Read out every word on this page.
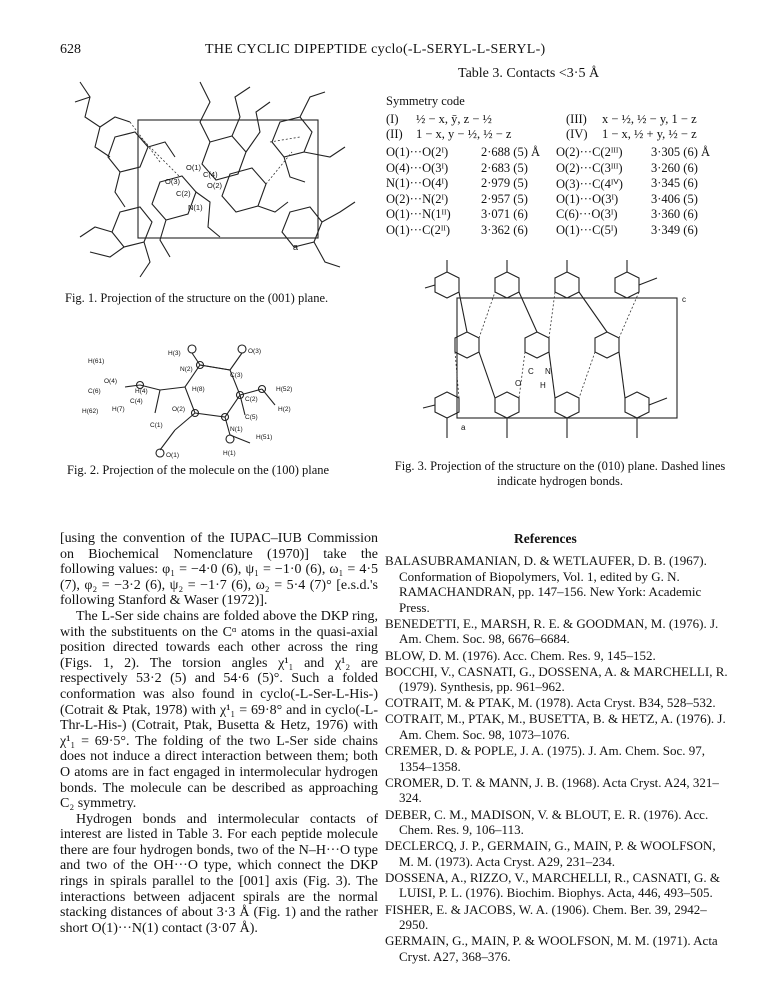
628	THE CYCLIC DIPEPTIDE cyclo(-L-SERYL-L-SERYL-)
O(1)
O(3)
C(2)
N(1)
C(4)
O(2)
a
Fig. 1. Projection of the structure on the (001) plane.
H(3)	O(3)
H(61)
N(2)
C(3)
O(4)
C(6)	H(4)	H(8)	H(52)
C(4)	C(2)
H(62) H(7)	O(2)	H(2)
C(5)
C(1)
N(1)
H(51)
O(1)	H(1)
Fig. 2. Projection of the molecule on the (100) plane
Table 3. Contacts <3·5 Å
Symmetry code
(I)	½ − x, ȳ, z − ½	(III)	x − ½, ½ − y, 1 − z
(II)	1 − x, y − ½, ½ − z	(IV)	1 − x, ½ + y, ½ − z
O(1)···O(2ᴵ)	2·688 (5) Å	O(2)···C(2ᴵᴵᴵ)	3·305 (6) Å
O(4)···O(3ᴵ)	2·683 (5)	O(2)···C(3ᴵᴵᴵ)	3·260 (6)
N(1)···O(4ᴵ)	2·979 (5)	O(3)···C(4ᴵⱽ)	3·345 (6)
O(2)···N(2ᴵ)	2·957 (5)	O(1)···O(3ᴵ)	3·406 (5)
O(1)···N(1ᴵᴵ)	3·071 (6)	C(6)···O(3ᴵ)	3·360 (6)
O(1)···C(2ᴵᴵ)	3·362 (6)	O(1)···C(5ᴵ)	3·349 (6)
c
a
C N
O H
Fig. 3. Projection of the structure on the (010) plane. Dashed lines
indicate hydrogen bonds.

[using the convention of the IUPAC–IUB Commission on Biochemical Nomenclature (1970)] take the following values: φ₁ = −4·0 (6), ψ₁ = −1·0 (6), ω₁ = 4·5 (7), φ₂ = −3·2 (6), ψ₂ = −1·7 (6), ω₂ = 5·4 (7)° [e.s.d.'s following Stanford & Waser (1972)].

The L-Ser side chains are folded above the DKP ring, with the substituents on the Cᵅ atoms in the quasi-axial position directed towards each other across the ring (Figs. 1, 2). The torsion angles χ¹₁ and χ¹₂ are respectively 53·2 (5) and 54·6 (5)°. Such a folded conformation was also found in cyclo(-L-Ser-L-His-) (Cotrait & Ptak, 1978) with χ¹₁ = 69·8° and in cyclo(-L-Thr-L-His-) (Cotrait, Ptak, Busetta & Hetz, 1976) with χ¹₁ = 69·5°. The folding of the two L-Ser side chains does not induce a direct interaction between them; both O atoms are in fact engaged in intermolecular hydrogen bonds. The molecule can be described as approaching C₂ symmetry.

Hydrogen bonds and intermolecular contacts of interest are listed in Table 3. For each peptide molecule there are four hydrogen bonds, two of the N–H···O type and two of the OH···O type, which connect the DKP rings in spirals parallel to the [001] axis (Fig. 3). The interactions between adjacent spirals are the normal stacking distances of about 3·3 Å (Fig. 1) and the rather short O(1)···N(1) contact (3·07 Å).

References

BALASUBRAMANIAN, D. & WETLAUFER, D. B. (1967). Conformation of Biopolymers, Vol. 1, edited by G. N. RAMACHANDRAN, pp. 147–156. New York: Academic Press.

BENEDETTI, E., MARSH, R. E. & GOODMAN, M. (1976). J. Am. Chem. Soc. 98, 6676–6684.

BLOW, D. M. (1976). Acc. Chem. Res. 9, 145–152.

BOCCHI, V., CASNATI, G., DOSSENA, A. & MARCHELLI, R. (1979). Synthesis, pp. 961–962.

COTRAIT, M. & PTAK, M. (1978). Acta Cryst. B34, 528–532.

COTRAIT, M., PTAK, M., BUSETTA, B. & HETZ, A. (1976). J. Am. Chem. Soc. 98, 1073–1076.

CREMER, D. & POPLE, J. A. (1975). J. Am. Chem. Soc. 97, 1354–1358.

CROMER, D. T. & MANN, J. B. (1968). Acta Cryst. A24, 321–324.

DEBER, C. M., MADISON, V. & BLOUT, E. R. (1976). Acc. Chem. Res. 9, 106–113.

DECLERCQ, J. P., GERMAIN, G., MAIN, P. & WOOLFSON, M. M. (1973). Acta Cryst. A29, 231–234.

DOSSENA, A., RIZZO, V., MARCHELLI, R., CASNATI, G. & LUISI, P. L. (1976). Biochim. Biophys. Acta, 446, 493–505.

FISHER, E. & JACOBS, W. A. (1906). Chem. Ber. 39, 2942–2950.

GERMAIN, G., MAIN, P. & WOOLFSON, M. M. (1971). Acta Cryst. A27, 368–376.
